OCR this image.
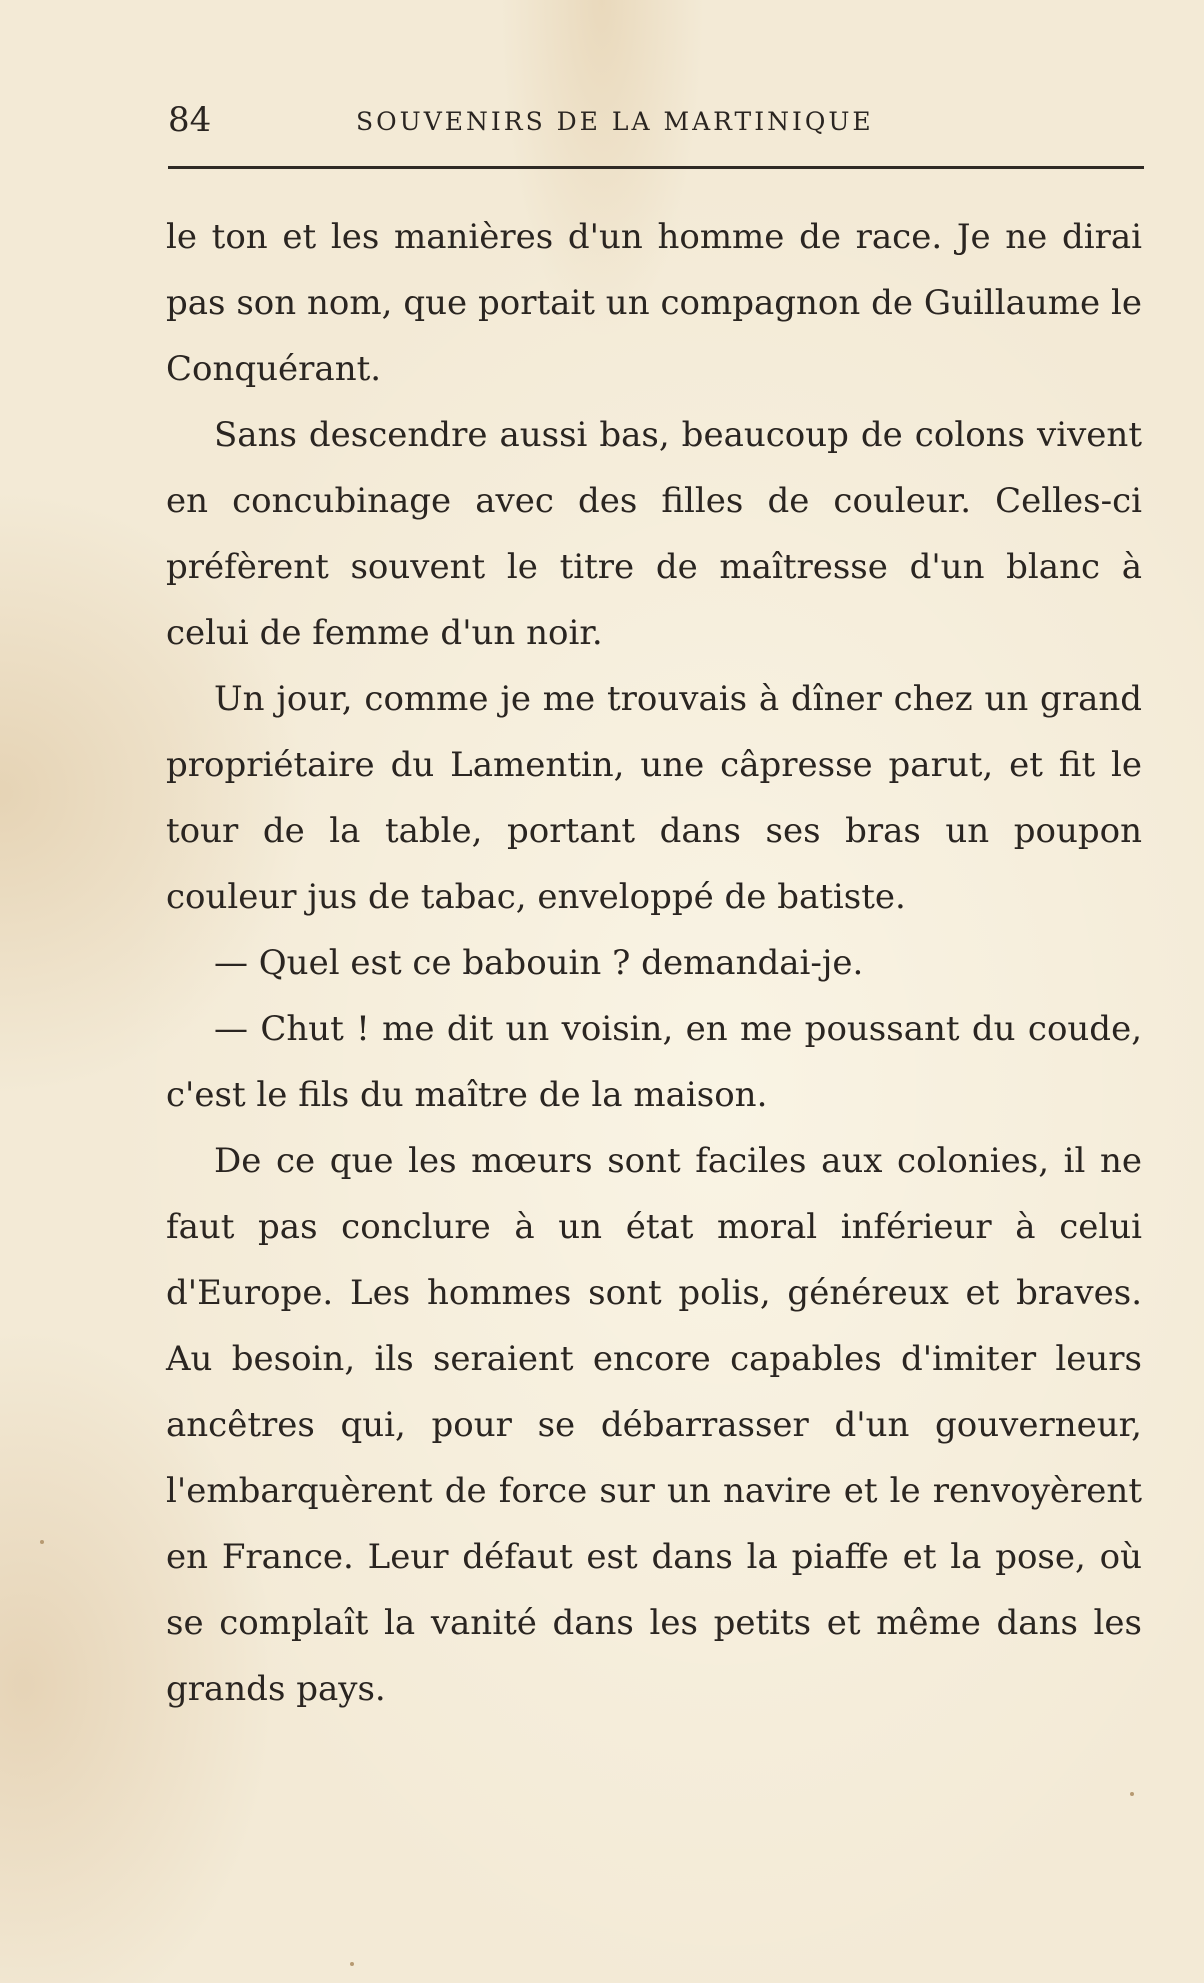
84	SOUVENIRS DE LA MARTINIQUE

le ton et les manières d'un homme de race. Je ne dirai pas son nom, que portait un compagnon de Guillaume le Conquérant.

Sans descendre aussi bas, beaucoup de colons vivent en concubinage avec des filles de couleur. Celles-ci préfèrent souvent le titre de maîtresse d'un blanc à celui de femme d'un noir.

Un jour, comme je me trouvais à dîner chez un grand propriétaire du Lamentin, une câpresse parut, et fit le tour de la table, portant dans ses bras un poupon couleur jus de tabac, enveloppé de batiste.

— Quel est ce babouin ? demandai-je.

— Chut ! me dit un voisin, en me poussant du coude, c'est le fils du maître de la maison.

De ce que les mœurs sont faciles aux colonies, il ne faut pas conclure à un état moral inférieur à celui d'Europe. Les hommes sont polis, généreux et braves. Au besoin, ils seraient encore capables d'imiter leurs ancêtres qui, pour se débarrasser d'un gouverneur, l'embarquèrent de force sur un navire et le renvoyèrent en France. Leur défaut est dans la piaffe et la pose, où se complaît la vanité dans les petits et même dans les grands pays.
